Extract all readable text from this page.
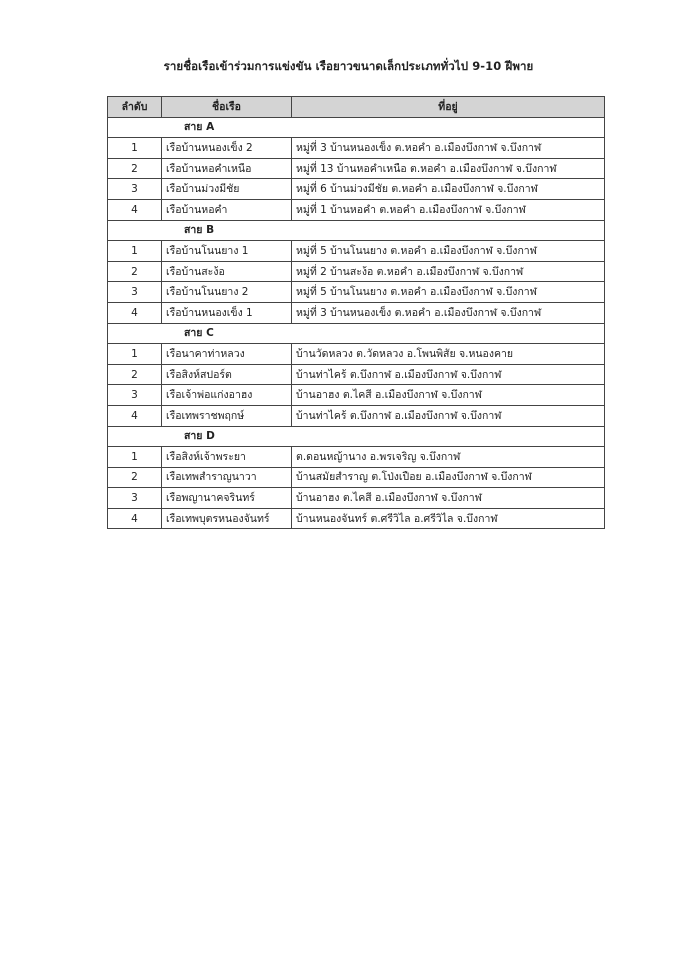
รายชื่อเรือเข้าร่วมการแข่งขัน เรือยาวขนาดเล็กประเภททั่วไป 9-10 ฝีพาย
ลำดับ	ชื่อเรือ	ที่อยู่
สาย A		
1	เรือบ้านหนองเข็ง 2	หมู่ที่ 3 บ้านหนองเข็ง ต.หอคำ อ.เมืองบึงกาฬ จ.บึงกาฬ
2	เรือบ้านหอคำเหนือ	หมู่ที่ 13 บ้านหอคำเหนือ ต.หอคำ อ.เมืองบึงกาฬ จ.บึงกาฬ
3	เรือบ้านม่วงมีชัย	หมู่ที่ 6 บ้านม่วงมีชัย ต.หอคำ อ.เมืองบึงกาฬ จ.บึงกาฬ
4	เรือบ้านหอคำ	หมู่ที่ 1 บ้านหอคำ ต.หอคำ อ.เมืองบึงกาฬ จ.บึงกาฬ
สาย B		
1	เรือบ้านโนนยาง 1	หมู่ที่ 5 บ้านโนนยาง ต.หอคำ อ.เมืองบึงกาฬ จ.บึงกาฬ
2	เรือบ้านสะง้อ	หมู่ที่ 2 บ้านสะง้อ ต.หอคำ อ.เมืองบึงกาฬ จ.บึงกาฬ
3	เรือบ้านโนนยาง 2	หมู่ที่ 5 บ้านโนนยาง ต.หอคำ อ.เมืองบึงกาฬ จ.บึงกาฬ
4	เรือบ้านหนองเข็ง 1	หมู่ที่ 3 บ้านหนองเข็ง ต.หอคำ อ.เมืองบึงกาฬ จ.บึงกาฬ
สาย C		
1	เรือนาคาท่าหลวง	บ้านวัดหลวง ต.วัดหลวง อ.โพนพิสัย จ.หนองคาย
2	เรือสิงห์สปอร์ต	บ้านท่าไคร้ ต.บึงกาฬ อ.เมืองบึงกาฬ จ.บึงกาฬ
3	เรือเจ้าพ่อแก่งอาฮง	บ้านอาฮง ต.ไคสี อ.เมืองบึงกาฬ จ.บึงกาฬ
4	เรือเทพราชพฤกษ์	บ้านท่าไคร้ ต.บึงกาฬ อ.เมืองบึงกาฬ จ.บึงกาฬ
สาย D		
1	เรือสิงห์เจ้าพระยา	ต.ดอนหญ้านาง อ.พรเจริญ จ.บึงกาฬ
2	เรือเทพสำราญนาวา	บ้านสมัยสำราญ ต.โป่งเปือย อ.เมืองบึงกาฬ จ.บึงกาฬ
3	เรือพญานาคจรินทร์	บ้านอาฮง ต.ไคสี อ.เมืองบึงกาฬ จ.บึงกาฬ
4	เรือเทพบุตรหนองจันทร์	บ้านหนองจันทร์ ต.ศรีวิไล อ.ศรีวิไล จ.บึงกาฬ
